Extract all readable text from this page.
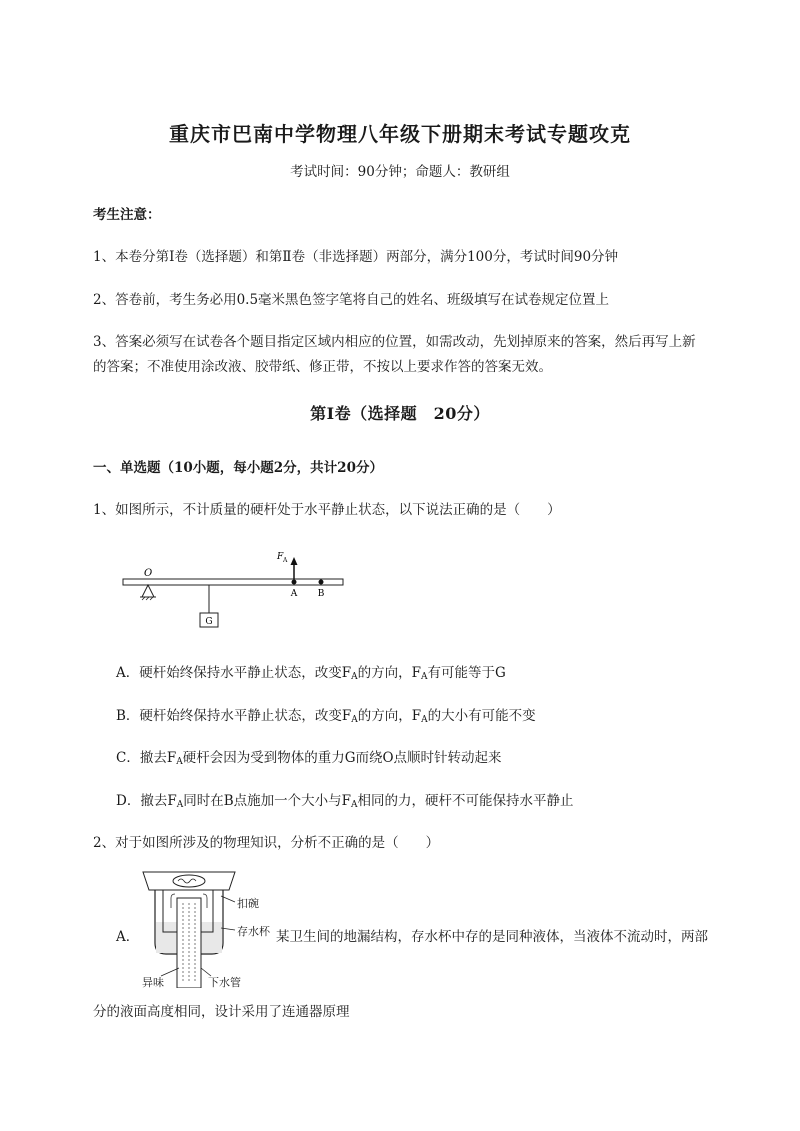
重庆市巴南中学物理八年级下册期末考试专题攻克
考试时间：90分钟；命题人：教研组
考生注意：
1、本卷分第I卷（选择题）和第Ⅱ卷（非选择题）两部分，满分100分，考试时间90分钟
2、答卷前，考生务必用0.5毫米黑色签字笔将自己的姓名、班级填写在试卷规定位置上
3、答案必须写在试卷各个题目指定区域内相应的位置，如需改动，先划掉原来的答案，然后再写上新
的答案；不准使用涂改液、胶带纸、修正带，不按以上要求作答的答案无效。
第I卷（选择题　20分）
一、单选题（10小题，每小题2分，共计20分）
1、如图所示，不计质量的硬杆处于水平静止状态，以下说法正确的是（　　）
O
G
A B
F A
A．硬杆始终保持水平静止状态，改变$F_A$的方向，$F_A$有可能等于G
B．硬杆始终保持水平静止状态，改变$F_A$的方向，$F_A$的大小有可能不变
C．撤去$F_A$硬杆会因为受到物体的重力G而绕O点顺时针转动起来
D．撤去$F_A$同时在B点施加一个大小与$F_A$相同的力，硬杆不可能保持水平静止
2、对于如图所涉及的物理知识，分析不正确的是（　　）
A．
扣碗
存水杯
异味	下水管
某卫生间的地漏结构，存水杯中存的是同种液体，当液体不流动时，两部
分的液面高度相同，设计采用了连通器原理
